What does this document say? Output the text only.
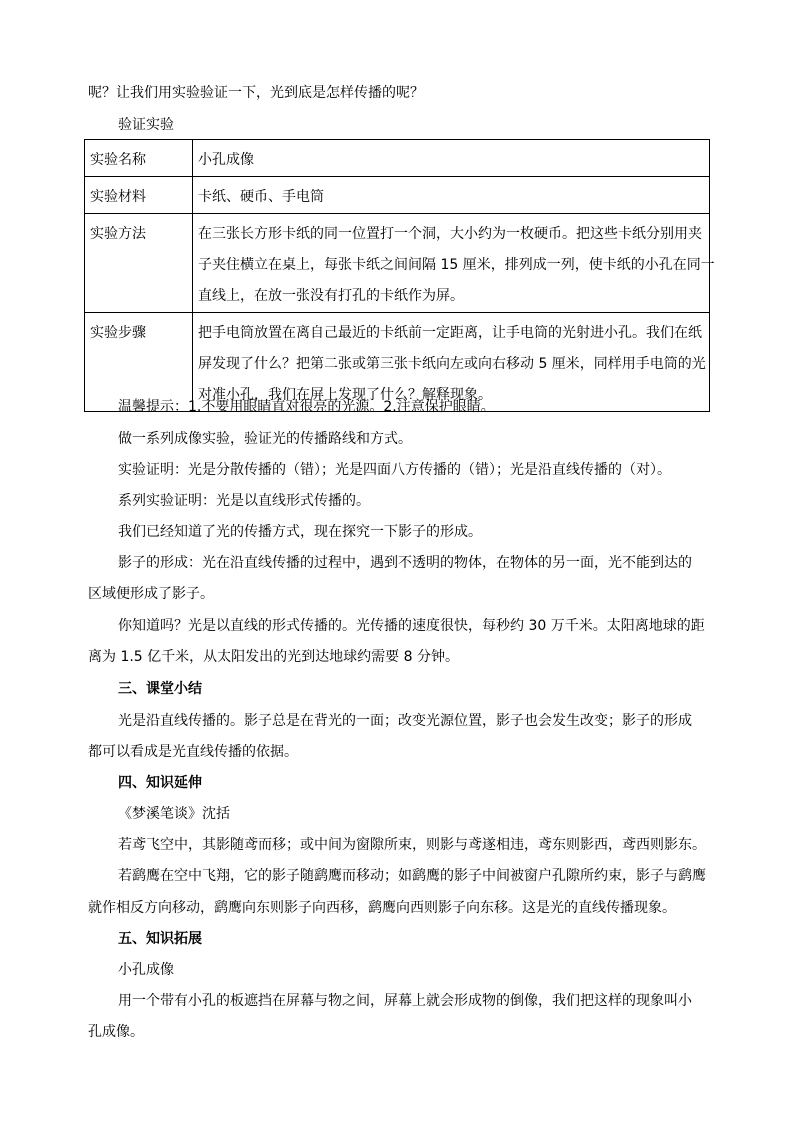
呢？让我们用实验验证一下，光到底是怎样传播的呢？
验证实验
实验名称	小孔成像

实验材料	卡纸、硬币、手电筒

实验方法	在三张长方形卡纸的同一位置打一个洞，大小约为一枚硬币。把这些卡纸分别用夹
子夹住横立在桌上，每张卡纸之间间隔 15 厘米，排列成一列，使卡纸的小孔在同一
直线上，在放一张没有打孔的卡纸作为屏。

实验步骤	把手电筒放置在离自己最近的卡纸前一定距离，让手电筒的光射进小孔。我们在纸
屏发现了什么？把第二张或第三张卡纸向左或向右移动 5 厘米，同样用手电筒的光
对准小孔，我们在屏上发现了什么？解释现象。
温馨提示：1.不要用眼睛直对很亮的光源。2.注意保护眼睛。
做一系列成像实验，验证光的传播路线和方式。
实验证明：光是分散传播的（错）；光是四面八方传播的（错）；光是沿直线传播的（对）。
系列实验证明：光是以直线形式传播的。
我们已经知道了光的传播方式，现在探究一下影子的形成。
影子的形成：光在沿直线传播的过程中，遇到不透明的物体，在物体的另一面，光不能到达的
区域便形成了影子。
你知道吗？光是以直线的形式传播的。光传播的速度很快，每秒约 30 万千米。太阳离地球的距
离为 1.5 亿千米，从太阳发出的光到达地球约需要 8 分钟。
三、课堂小结
光是沿直线传播的。影子总是在背光的一面；改变光源位置，影子也会发生改变；影子的形成
都可以看成是光直线传播的依据。
四、知识延伸
《梦溪笔谈》沈括
若鸢飞空中，其影随鸢而移；或中间为窗隙所束，则影与鸢遂相违，鸢东则影西，鸢西则影东。
若鹞鹰在空中飞翔，它的影子随鹞鹰而移动；如鹞鹰的影子中间被窗户孔隙所约束，影子与鹞鹰
就作相反方向移动，鹞鹰向东则影子向西移，鹞鹰向西则影子向东移。这是光的直线传播现象。
五、知识拓展
小孔成像
用一个带有小孔的板遮挡在屏幕与物之间，屏幕上就会形成物的倒像，我们把这样的现象叫小
孔成像。
